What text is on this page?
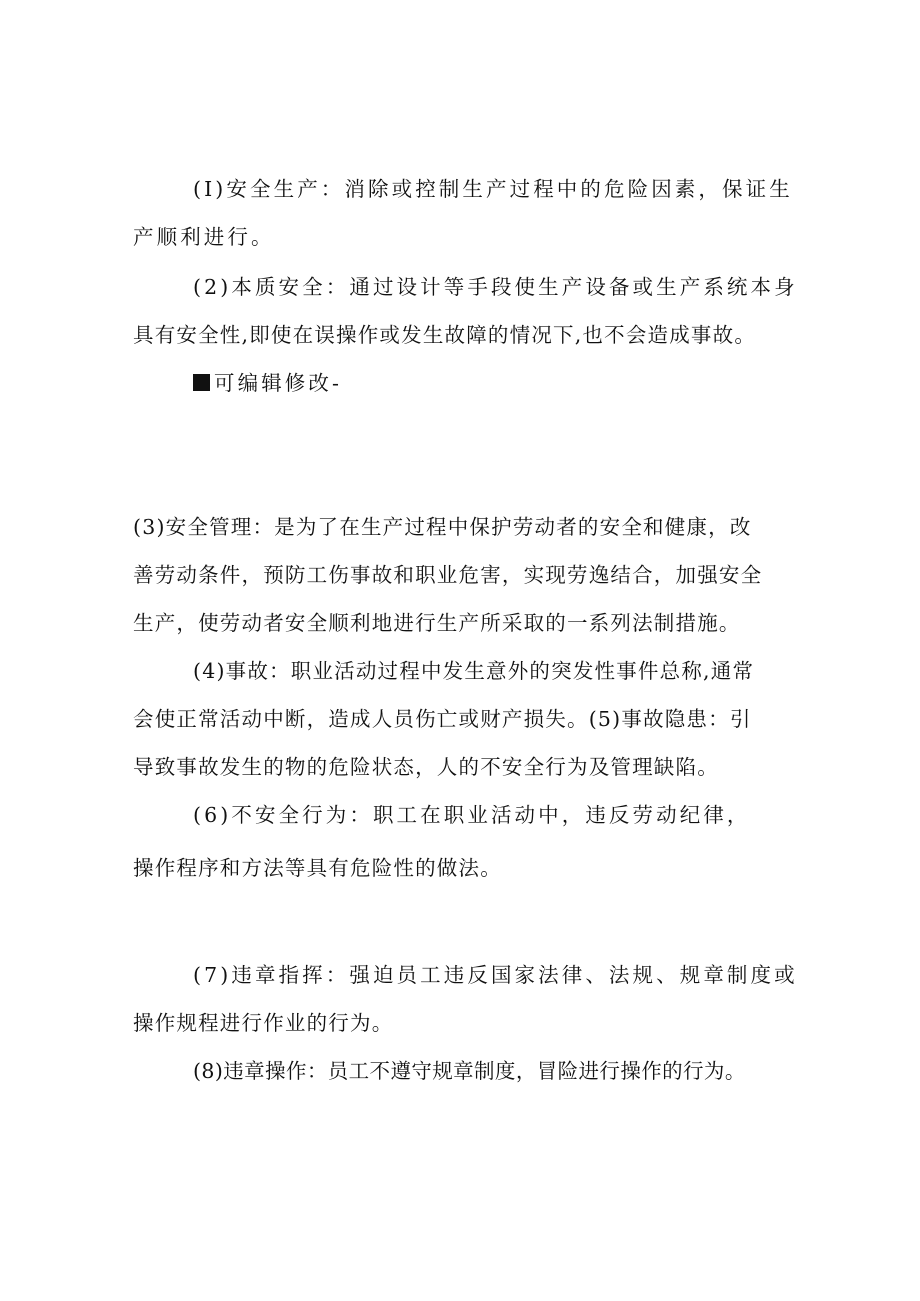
(I)安全生产：消除或控制生产过程中的危险因素，保证生
产顺利进行。
(2)本质安全：通过设计等手段使生产设备或生产系统本身
具有安全性,即使在误操作或发生故障的情况下,也不会造成事故。
可编辑修改-
(3)安全管理：是为了在生产过程中保护劳动者的安全和健康，改
善劳动条件，预防工伤事故和职业危害，实现劳逸结合，加强安全
生产，使劳动者安全顺利地进行生产所采取的一系列法制措施。
(4)事故：职业活动过程中发生意外的突发性事件总称,通常
会使正常活动中断，造成人员伤亡或财产损失。(5)事故隐患：引
导致事故发生的物的危险状态，人的不安全行为及管理缺陷。
(6)不安全行为：职工在职业活动中，违反劳动纪律，
操作程序和方法等具有危险性的做法。
(7)违章指挥：强迫员工违反国家法律、法规、规章制度或
操作规程进行作业的行为。
(8)违章操作：员工不遵守规章制度，冒险进行操作的行为。
